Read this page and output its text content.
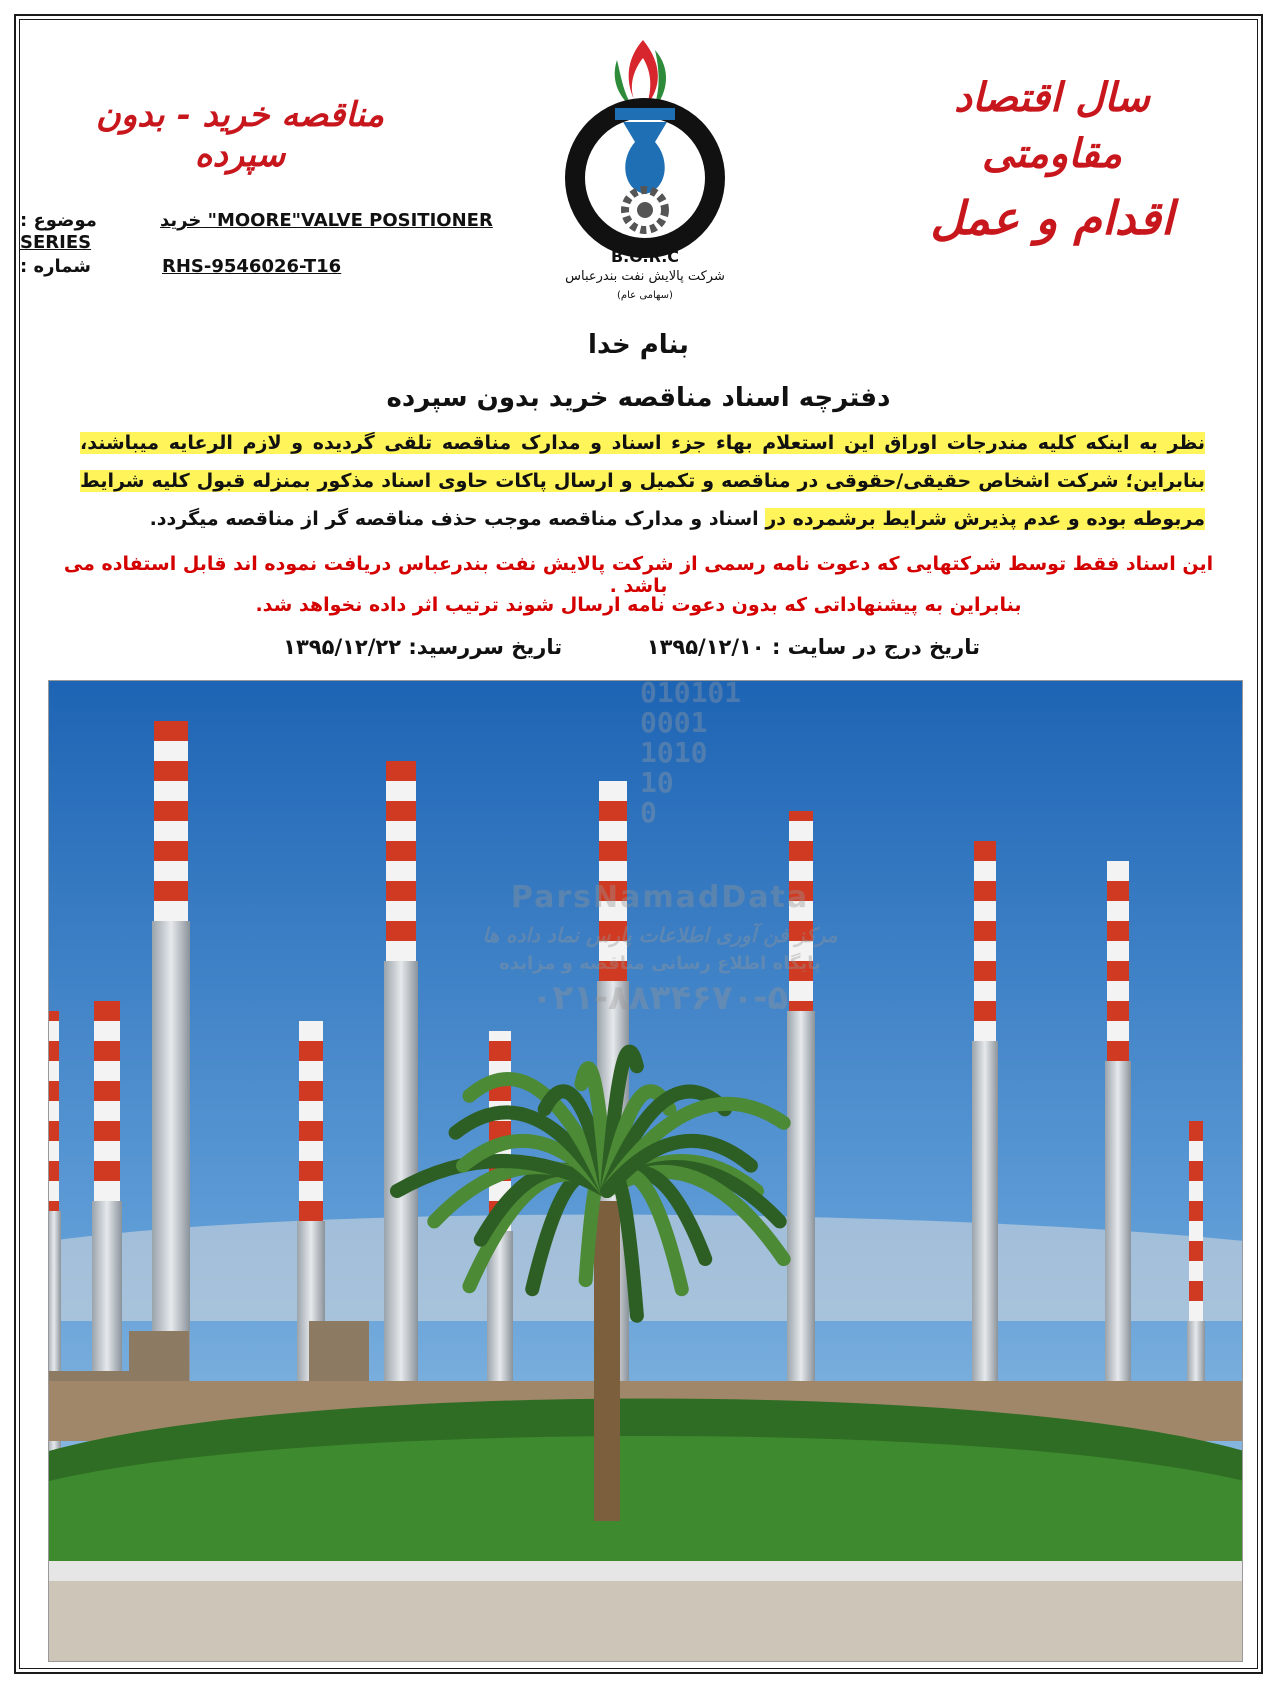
سال اقتصاد مقاومتی
اقدام و عمل
مناقصه خرید - بدون سپرده
B.O.R.C
شرکت پالایش نفت بندرعباس
(سهامی عام)
موضوع :	خرید "MOORE"VALVE POSITIONER
SERIES
شماره :	RHS-9546026-T16
بنام خدا
دفترچه اسناد مناقصه خرید بدون سپرده
نظر به اینکه کلیه مندرجات اوراق این استعلام بهاء جزء اسناد و مدارک مناقصه تلقی گردیده و لازم الرعایه میباشند، بنابراین؛ شرکت اشخاص حقیقی/حقوقی در مناقصه و تکمیل و ارسال پاکات حاوی اسناد مذکور بمنزله قبول کلیه شرایط مربوطه بوده و عدم پذیرش شرایط برشمرده در اسناد و مدارک مناقصه موجب حذف مناقصه گر از مناقصه میگردد.
این اسناد فقط توسط شرکتهایی که دعوت نامه رسمی از شرکت پالایش نفت بندرعباس دریافت نموده اند قابل استفاده می باشد .
بنابراین به پیشنهاداتی که بدون دعوت نامه ارسال شوند ترتیب اثر داده نخواهد شد.
تاریخ درج در سایت : ۱۳۹۵/۱۲/۱۰  تاریخ سررسید: ۱۳۹۵/۱۲/۲۲
010101
0001
1010
10
0
ParsNamadData
مرکز فن آوری اطلاعات پارس نماد داده ها
پایگاه اطلاع رسانی مناقصه و مزایده
۰۲۱-۸۸۳۴۶۷۰-۵
